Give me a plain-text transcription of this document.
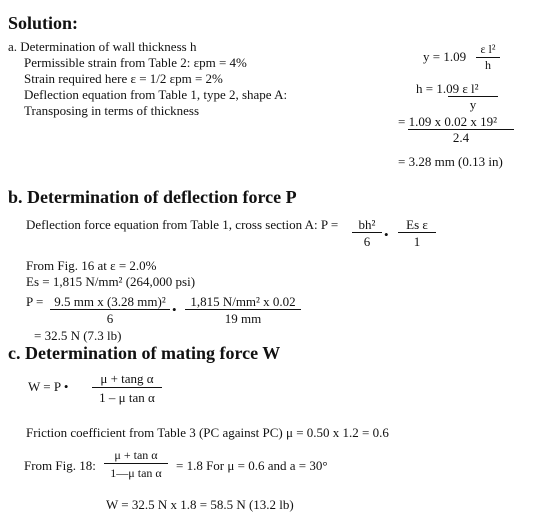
Solution:
a. Determination of wall thickness h
Permissible strain from Table 2: εpm = 4%
Strain required here ε = 1/2 εpm = 2%
Deflection equation from Table 1, type 2, shape A:
Transposing in terms of thickness
y = 1.09	ε l²
h
h = 1.09 ε l²
y
= 1.09 x 0.02 x 19²
2.4
= 3.28 mm (0.13 in)
b. Determination of deflection force P
Deflection force equation from Table 1, cross section A: P =	bh²
6	•
Es ε
1
From Fig. 16 at ε = 2.0%
Es = 1,815 N/mm² (264,000 psi)
P = 9.5 mm x (3.28 mm)²
6
•
1,815 N/mm² x 0.02
19 mm
= 32.5 N (7.3 lb)
c. Determination of mating force W
W = P •
μ + tang α
1 – μ tan α
Friction coefficient from Table 3 (PC against PC) μ = 0.50 x 1.2 = 0.6
From Fig. 18:
μ + tan α
1—μ tan α	= 1.8 For μ = 0.6 and a = 30°
W = 32.5 N x 1.8 = 58.5 N (13.2 lb)
